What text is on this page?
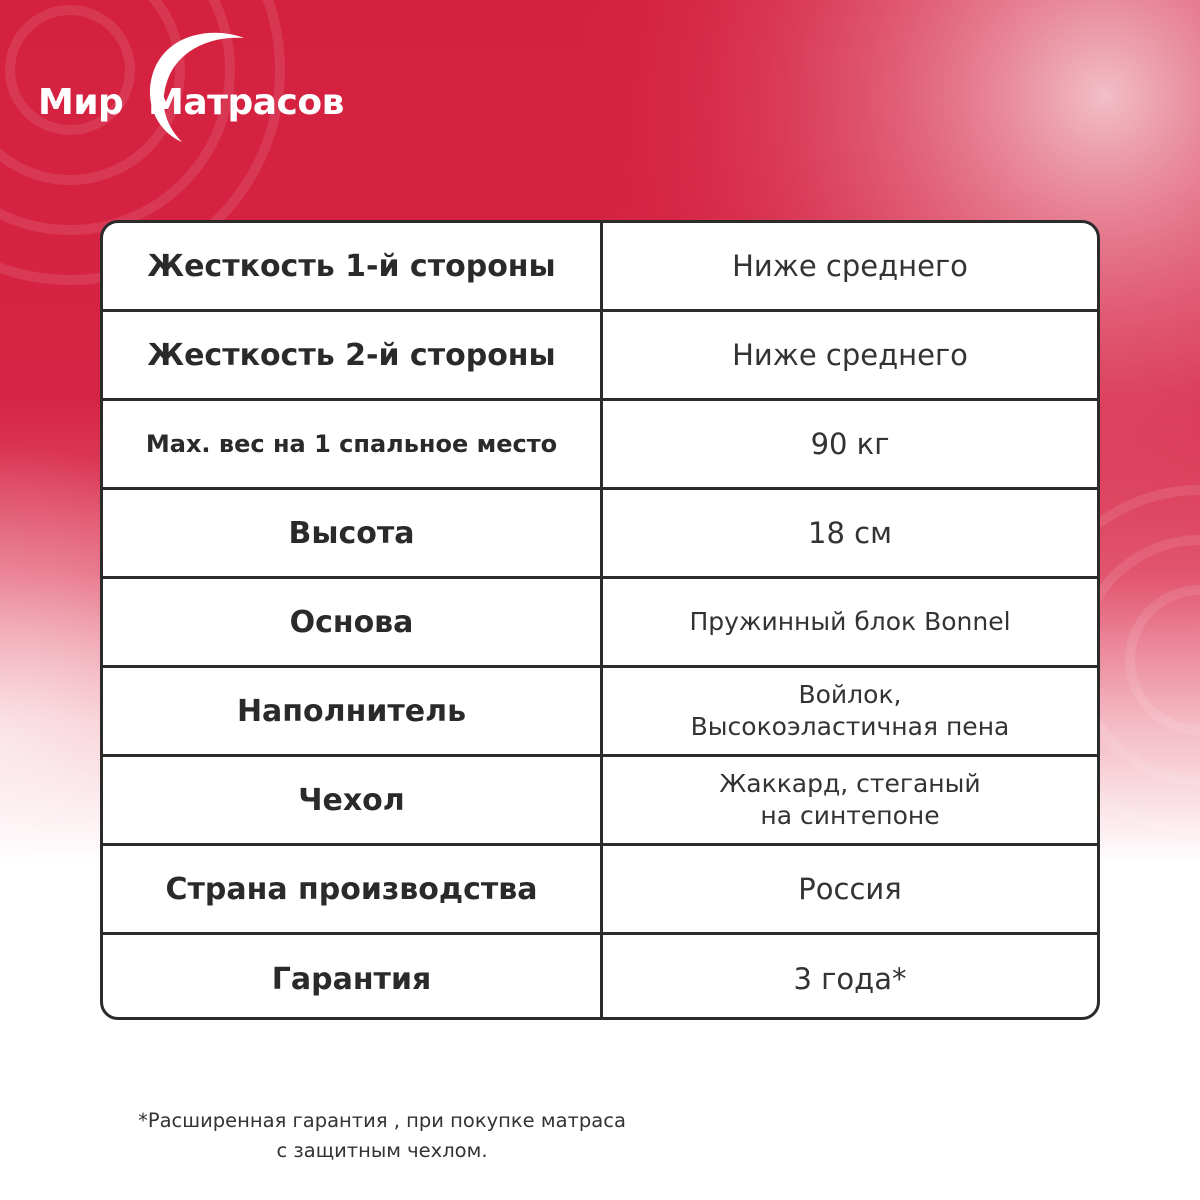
Мир Матрасов
Жесткость 1-й стороны	Ниже среднего
Жесткость 2-й стороны	Ниже среднего
Max. вес на 1 спальное место	90 кг
Высота	18 см
Основа	Пружинный блок Bonnel
Наполнитель	Войлок,
Высокоэластичная пена
Чехол	Жаккард, стеганый
на синтепоне
Страна производства	Россия
Гарантия	3 года*
*Расширенная гарантия , при покупке матраса
с защитным чехлом.
